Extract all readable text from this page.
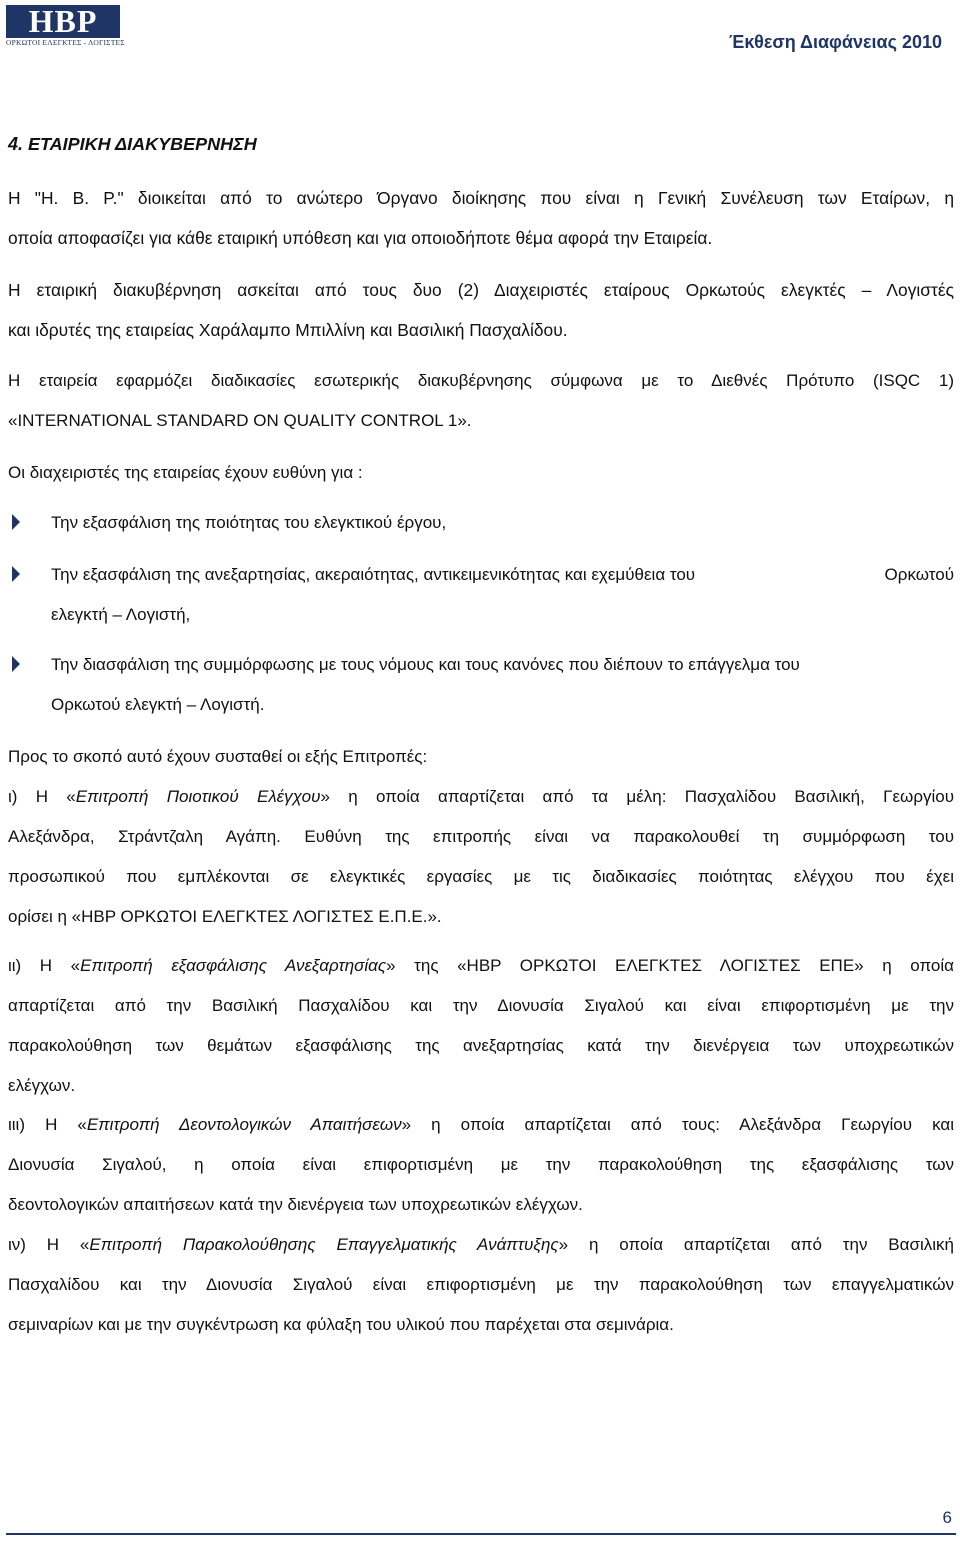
HBP
ΟΡΚΩΤΟΙ ΕΛΕΓΚΤΕΣ - ΛΟΓΙΣΤΕΣ	Έκθεση Διαφάνειας 2010
4. ΕΤΑΙΡΙΚΗ ΔΙΑΚΥΒΕΡΝΗΣΗ
Η "Η. Β. Ρ." διοικείται από το ανώτερο Όργανο διοίκησης που είναι η Γενική Συνέλευση των Εταίρων, η
οποία αποφασίζει για κάθε εταιρική υπόθεση και για οποιοδήποτε θέμα αφορά την Εταιρεία.
Η εταιρική διακυβέρνηση ασκείται από τους δυο (2) Διαχειριστές εταίρους Ορκωτούς ελεγκτές – Λογιστές
και ιδρυτές της εταιρείας Χαράλαμπο Μπιλλίνη και Βασιλική Πασχαλίδου.
Η εταιρεία εφαρμόζει διαδικασίες εσωτερικής διακυβέρνησης σύμφωνα με το Διεθνές Πρότυπο (ISQC 1)
«INTERNATIONAL STANDARD ON QUALITY CONTROL 1».
Οι διαχειριστές της εταιρείας έχουν ευθύνη για :
Την εξασφάλιση της ποιότητας του ελεγκτικού έργου,
Την εξασφάλιση της ανεξαρτησίας, ακεραιότητας, αντικειμενικότητας και εχεμύθεια του	Ορκωτού
ελεγκτή – Λογιστή,
Την διασφάλιση της συμμόρφωσης με τους νόμους και τους κανόνες που διέπουν το επάγγελμα του
Ορκωτού ελεγκτή – Λογιστή.
Προς το σκοπό αυτό έχουν συσταθεί οι εξής Επιτροπές:
ι) Η «Επιτροπή Ποιοτικού Ελέγχου» η οποία απαρτίζεται από τα μέλη: Πασχαλίδου Βασιλική, Γεωργίου
Αλεξάνδρα, Στράντζαλη Αγάπη. Ευθύνη της επιτροπής είναι να παρακολουθεί τη συμμόρφωση του
προσωπικού που εμπλέκονται σε ελεγκτικές εργασίες με τις διαδικασίες ποιότητας ελέγχου που έχει
ορίσει η «HBP ΟΡΚΩΤΟΙ ΕΛΕΓΚΤΕΣ ΛΟΓΙΣΤΕΣ Ε.Π.Ε.».
ιι) Η «Επιτροπή εξασφάλισης Ανεξαρτησίας» της «HBP ΟΡΚΩΤΟΙ ΕΛΕΓΚΤΕΣ ΛΟΓΙΣΤΕΣ ΕΠΕ» η οποία
απαρτίζεται από την Βασιλική Πασχαλίδου και την Διονυσία Σιγαλού και είναι επιφορτισμένη με την
παρακολούθηση των θεμάτων εξασφάλισης της ανεξαρτησίας κατά την διενέργεια των υποχρεωτικών
ελέγχων.
ιιι) Η «Επιτροπή Δεοντολογικών Απαιτήσεων» η οποία απαρτίζεται από τους: Αλεξάνδρα Γεωργίου και
Διονυσία Σιγαλού, η οποία είναι επιφορτισμένη με την παρακολούθηση της εξασφάλισης των
δεοντολογικών απαιτήσεων κατά την διενέργεια των υποχρεωτικών ελέγχων.
ιν) Η «Επιτροπή Παρακολούθησης Επαγγελματικής Ανάπτυξης» η οποία απαρτίζεται από την Βασιλική
Πασχαλίδου και την Διονυσία Σιγαλού είναι επιφορτισμένη με την παρακολούθηση των επαγγελματικών
σεμιναρίων και με την συγκέντρωση κα φύλαξη του υλικού που παρέχεται στα σεμινάρια.
6
